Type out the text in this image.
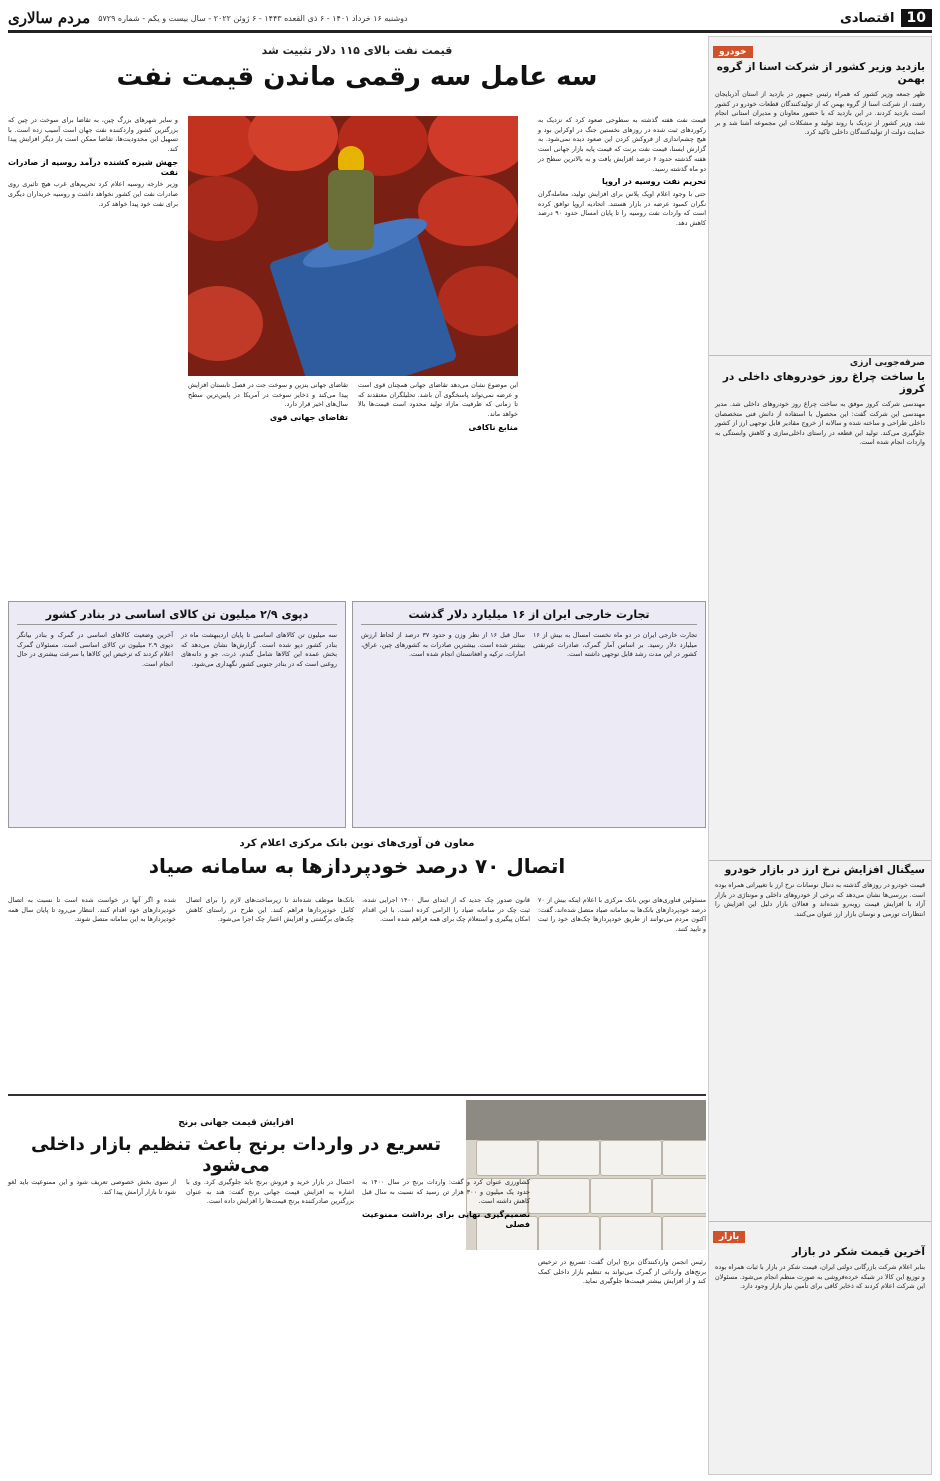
10
اقتصادی
دوشنبه ۱۶ خرداد ۱۴۰۱ - ۶ ذی القعده ۱۴۴۳ - ۶ ژوئن ۲۰۲۲ - سال بیست و یکم - شماره ۵۷۲۹
مردم سالاری
خودرو
بازدید وزیر کشور از شرکت اسنا از گروه بهمن
ظهر جمعه وزیر کشور که همراه رئیس جمهور در بازدید از استان آذربایجان رفتند، از شرکت اسنا از گروه بهمن که از تولیدکنندگان قطعات خودرو در کشور است بازدید کردند. در این بازدید که با حضور معاونان و مدیران استانی انجام شد، وزیر کشور از نزدیک با روند تولید و مشکلات این مجموعه آشنا شد و بر حمایت دولت از تولیدکنندگان داخلی تاکید کرد.
صرفه‌جویی ارزی
با ساخت چراغ روز خودروهای داخلی در کروز
مهندسی شرکت کروز موفق به ساخت چراغ روز خودروهای داخلی شد. مدیر مهندسی این شرکت گفت: این محصول با استفاده از دانش فنی متخصصان داخلی طراحی و ساخته شده و سالانه از خروج مقادیر قابل توجهی ارز از کشور جلوگیری می‌کند. تولید این قطعه در راستای داخلی‌سازی و کاهش وابستگی به واردات انجام شده است.
سیگنال افزایش نرخ ارز در بازار خودرو
قیمت خودرو در روزهای گذشته به دنبال نوسانات نرخ ارز با تغییراتی همراه بوده است. بررسی‌ها نشان می‌دهد که برخی از خودروهای داخلی و مونتاژی در بازار آزاد با افزایش قیمت روبه‌رو شده‌اند و فعالان بازار دلیل این افزایش را انتظارات تورمی و نوسان بازار ارز عنوان می‌کنند.
بازار
آخرین قیمت شکر در بازار
بنابر اعلام شرکت بازرگانی دولتی ایران، قیمت شکر در بازار با ثبات همراه بوده و توزیع این کالا در شبکه خرده‌فروشی به صورت منظم انجام می‌شود. مسئولان این شرکت اعلام کردند که ذخایر کافی برای تأمین نیاز بازار وجود دارد.
قیمت نفت بالای ۱۱۵ دلار تثبیت شد
سه عامل سه رقمی ماندن قیمت نفت
قیمت نفت هفته گذشته به سطوحی صعود کرد که نزدیک به رکوردهای ثبت شده در روزهای نخستین جنگ در اوکراین بود و هیچ چشم‌اندازی از فروکش کردن این صعود دیده نمی‌شود. به گزارش ایسنا، قیمت نفت برنت که قیمت پایه بازار جهانی است هفته گذشته حدود ۶ درصد افزایش یافت و به بالاترین سطح در دو ماه گذشته رسید.
تحریم نفت روسیه در اروپا
حتی با وجود اعلام اوپک پلاس برای افزایش تولید، معامله‌گران نگران کمبود عرضه در بازار هستند. اتحادیه اروپا توافق کرده است که واردات نفت روسیه را تا پایان امسال حدود ۹۰ درصد کاهش دهد.
این موضوع نشان می‌دهد تقاضای جهانی همچنان قوی است و عرضه نمی‌تواند پاسخگوی آن باشد. تحلیلگران معتقدند که تا زمانی که ظرفیت مازاد تولید محدود است قیمت‌ها بالا خواهد ماند.
منابع ناکافی
تقاضای جهانی بنزین و سوخت جت در فصل تابستان افزایش پیدا می‌کند و ذخایر سوخت در آمریکا در پایین‌ترین سطح سال‌های اخیر قرار دارد.
تقاضای جهانی قوی
و سایر شهرهای بزرگ چین، به تقاضا برای سوخت در چین که بزرگترین کشور واردکننده نفت جهان است آسیب زده است. با تسهیل این محدودیت‌ها، تقاضا ممکن است بار دیگر افزایش پیدا کند.
جهش شیره کشنده درآمد روسیه از صادرات نفت
وزیر خارجه روسیه اعلام کرد تحریم‌های غرب هیچ تاثیری روی صادرات نفت این کشور نخواهد داشت و روسیه خریداران دیگری برای نفت خود پیدا خواهد کرد.
دپوی ۲/۹ میلیون تن کالای اساسی در بنادر کشور
سه میلیون تن کالاهای اساسی تا پایان اردیبهشت ماه در بنادر کشور دپو شده است. گزارش‌ها نشان می‌دهد که بخش عمده این کالاها شامل گندم، ذرت، جو و دانه‌های روغنی است که در بنادر جنوبی کشور نگهداری می‌شود.
آخرین وضعیت کالاهای اساسی در گمرک و بنادر بیانگر دپوی ۲.۹ میلیون تن کالای اساسی است. مسئولان گمرک اعلام کردند که ترخیص این کالاها با سرعت بیشتری در حال انجام است.
تجارت خارجی ایران از ۱۶ میلیارد دلار گذشت
تجارت خارجی ایران در دو ماه نخست امسال به بیش از ۱۶ میلیارد دلار رسید. بر اساس آمار گمرک، صادرات غیرنفتی کشور در این مدت رشد قابل توجهی داشته است.
سال قبل ۱۶ از نظر وزن و حدود ۳۷ درصد از لحاظ ارزش بیشتر شده است. بیشترین صادرات به کشورهای چین، عراق، امارات، ترکیه و افغانستان انجام شده است.
معاون فن آوری‌های نوین بانک مرکزی اعلام کرد
اتصال ۷۰ درصد خودپردازها به سامانه صیاد
مسئولین فناوری‌های نوین بانک مرکزی با اعلام اینکه بیش از ۷۰ درصد خودپردازهای بانک‌ها به سامانه صیاد متصل شده‌اند، گفت: اکنون مردم می‌توانند از طریق خودپردازها چک‌های خود را ثبت و تایید کنند.
قانون صدور چک جدید که از ابتدای سال ۱۴۰۰ اجرایی شده، ثبت چک در سامانه صیاد را الزامی کرده است. با این اقدام امکان پیگیری و استعلام چک برای همه فراهم شده است.
بانک‌ها موظف شده‌اند تا زیرساخت‌های لازم را برای اتصال کامل خودپردازها فراهم کنند. این طرح در راستای کاهش چک‌های برگشتی و افزایش اعتبار چک اجرا می‌شود.
شده و اگر آنها در خواست شده است تا نسبت به اتصال خودپردازهای خود اقدام کنند. انتظار می‌رود تا پایان سال همه خودپردازها به این سامانه متصل شوند.
افزایش قیمت جهانی برنج
تسریع در واردات برنج باعث تنظیم بازار داخلی می‌شود
رئیس انجمن واردکنندگان برنج ایران گفت: تسریع در ترخیص برنج‌های وارداتی از گمرک می‌تواند به تنظیم بازار داخلی کمک کند و از افزایش بیشتر قیمت‌ها جلوگیری نماید.
کشاورزی عنوان کرد و گفت: واردات برنج در سال ۱۴۰۰ به حدود یک میلیون و ۳۰۰ هزار تن رسید که نسبت به سال قبل کاهش داشته است.
تصمیم‌گیری نهایی برای برداشت ممنوعیت فصلی
احتمال در بازار خرید و فروش برنج باید جلوگیری کرد. وی با اشاره به افزایش قیمت جهانی برنج گفت: هند به عنوان بزرگترین صادرکننده برنج قیمت‌ها را افزایش داده است.
از سوی بخش خصوصی تعریف شود و این ممنوعیت باید لغو شود تا بازار آرامش پیدا کند.
